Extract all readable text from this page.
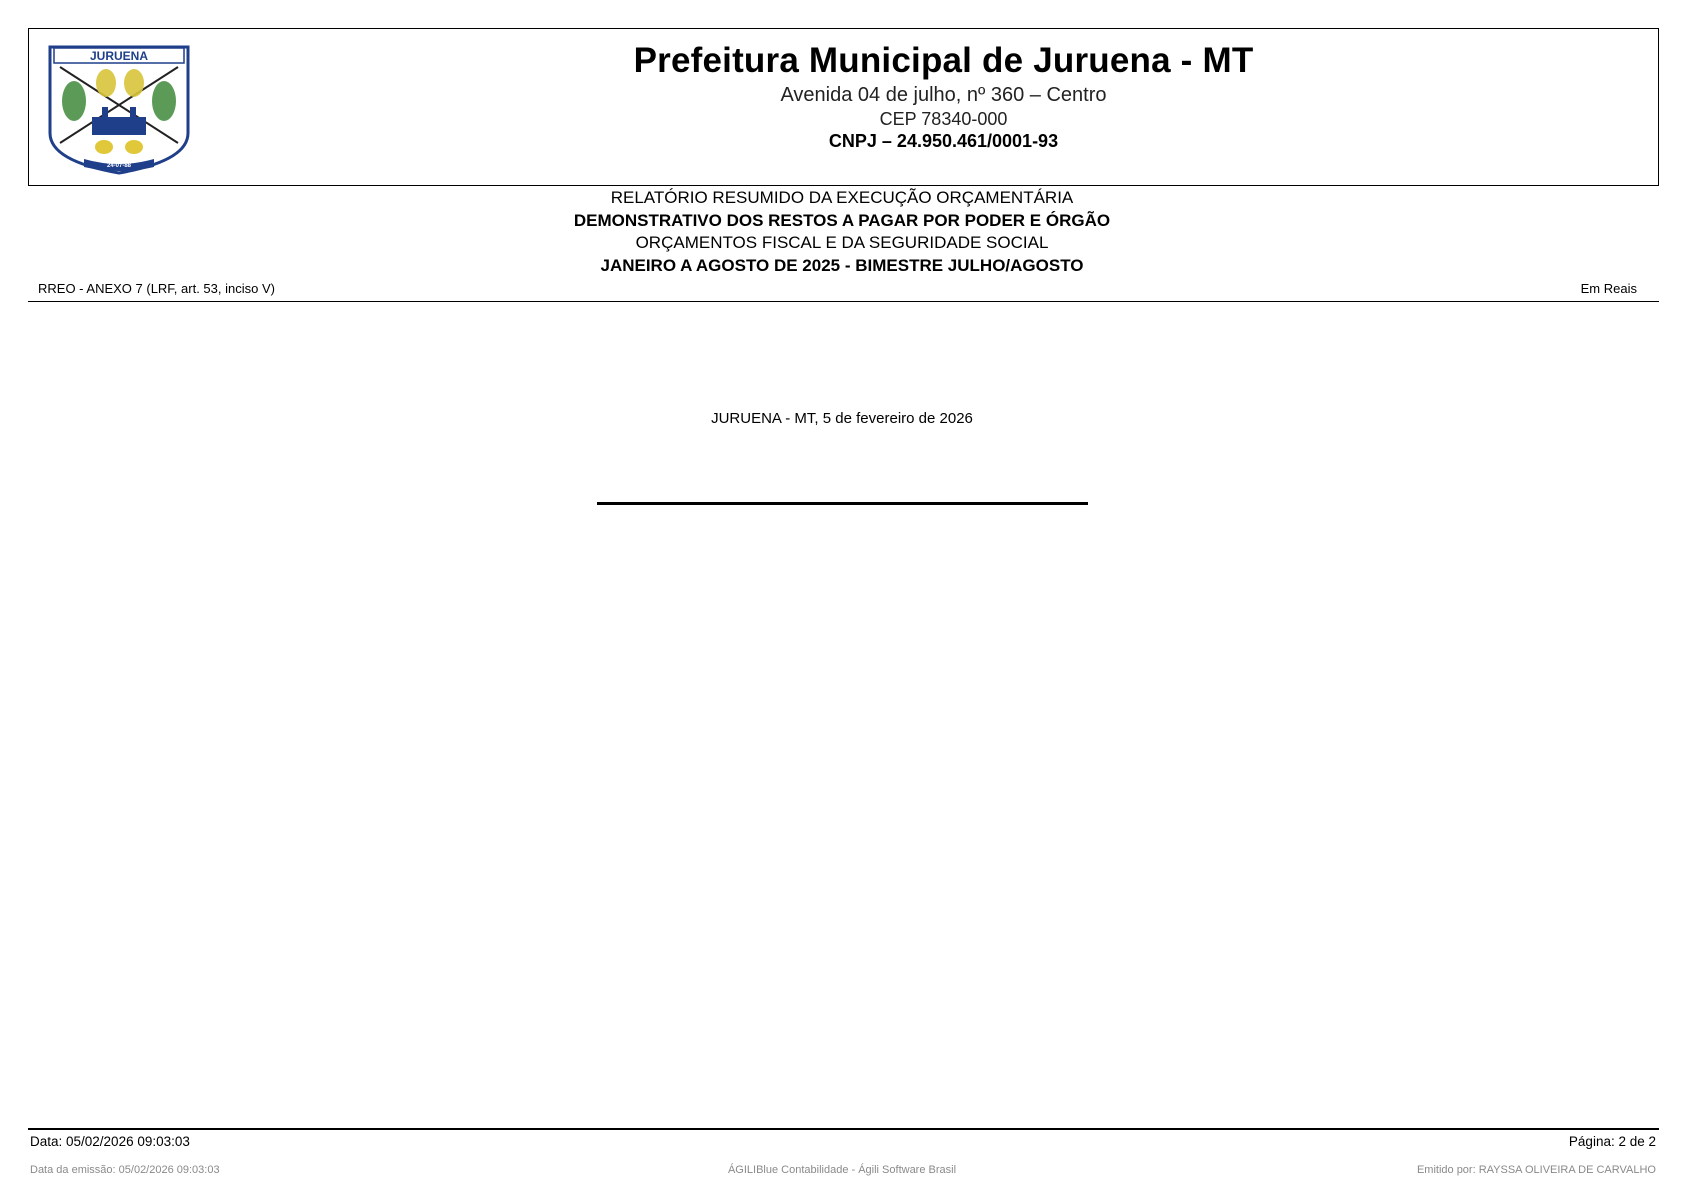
JURUENA
24-07-88
Prefeitura Municipal de Juruena - MT
Avenida 04 de julho, nº 360 – Centro
CEP 78340-000
CNPJ – 24.950.461/0001-93
RELATÓRIO RESUMIDO DA EXECUÇÃO ORÇAMENTÁRIA
DEMONSTRATIVO DOS RESTOS A PAGAR POR PODER E ÓRGÃO
ORÇAMENTOS FISCAL E DA SEGURIDADE SOCIAL
JANEIRO A AGOSTO DE 2025 - BIMESTRE JULHO/AGOSTO
RREO - ANEXO 7 (LRF, art. 53, inciso V)	Em Reais
JURUENA - MT, 5 de fevereiro de 2026
Data: 05/02/2026 09:03:03	Página: 2 de 2
Data da emissão: 05/02/2026 09:03:03	ÁGILIBlue Contabilidade - Ágili Software Brasil	Emitido por: RAYSSA OLIVEIRA DE CARVALHO
